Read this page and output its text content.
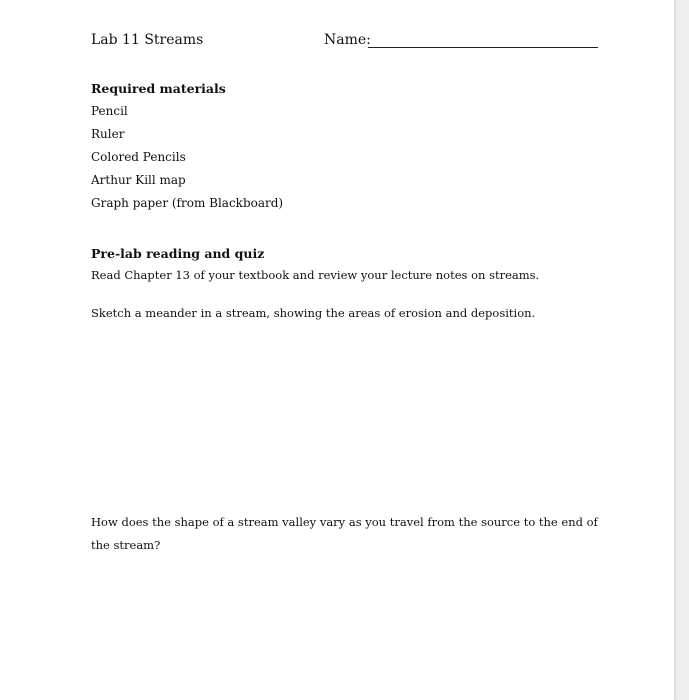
Lab 11 Streams	Name:
Required materials
Pencil
Ruler
Colored Pencils
Arthur Kill map
Graph paper (from Blackboard)
Pre-lab reading and quiz
Read Chapter 13 of your textbook and review your lecture notes on streams.
Sketch a meander in a stream, showing the areas of erosion and deposition.
How does the shape of a stream valley vary as you travel from the source to the end of the stream?
